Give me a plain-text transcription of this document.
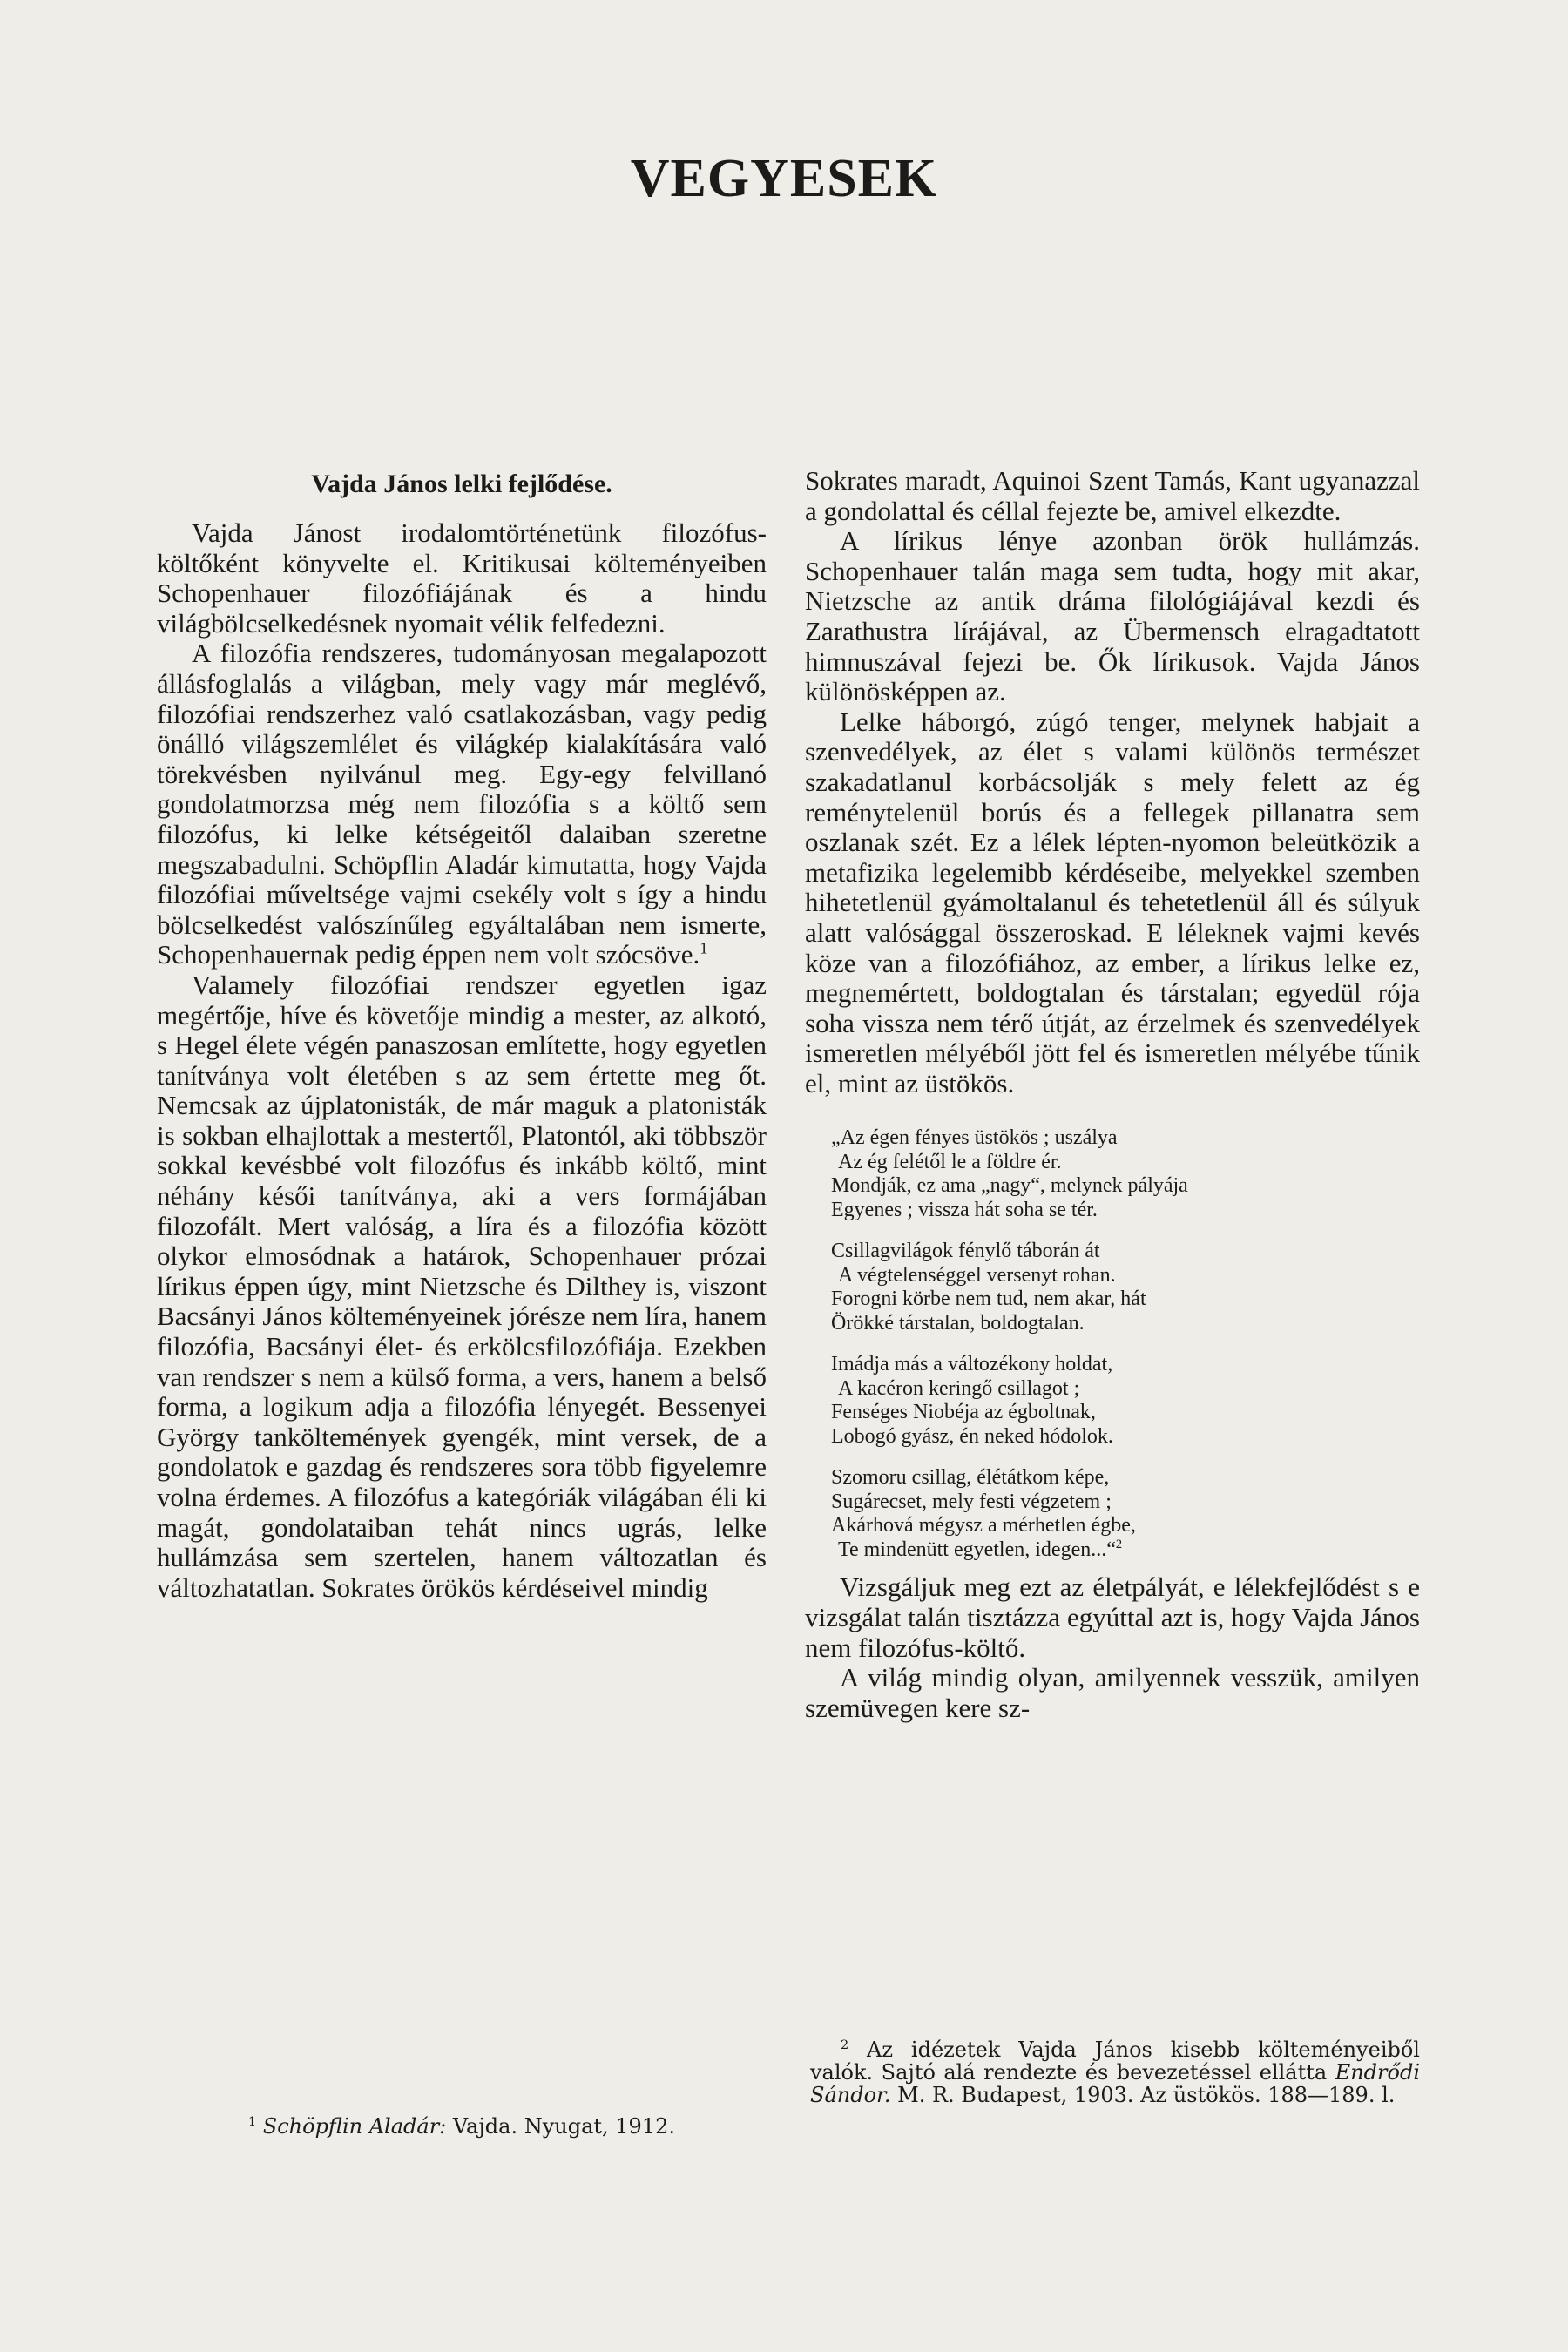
VEGYESEK
Vajda János lelki fejlődése.

Vajda Jánost irodalomtörténetünk filozófus-költőként könyvelte el. Kritikusai költeményeiben Schopenhauer filozófiájának és a hindu világbölcselkedésnek nyomait vélik felfedezni.

A filozófia rendszeres, tudományosan megalapozott állásfoglalás a világban, mely vagy már meglévő, filozófiai rendszerhez való csatlakozásban, vagy pedig önálló világszemlélet és világkép kialakítására való törekvésben nyilvánul meg. Egy-egy felvillanó gondolatmorzsa még nem filozófia s a költő sem filozófus, ki lelke kétségeitől dalaiban szeretne megszabadulni. Schöpflin Aladár kimutatta, hogy Vajda filozófiai műveltsége vajmi csekély volt s így a hindu bölcselkedést valószínűleg egyáltalában nem ismerte, Schopenhauernak pedig éppen nem volt szócsöve.$^1$

Valamely filozófiai rendszer egyetlen igaz megértője, híve és követője mindig a mester, az alkotó, s Hegel élete végén panaszosan említette, hogy egyetlen tanítványa volt életében s az sem értette meg őt. Nemcsak az újplatonisták, de már maguk a platonisták is sokban elhajlottak a mestertől, Platontól, aki többször sokkal kevésbbé volt filozófus és inkább költő, mint néhány késői tanítványa, aki a vers formájában filozofált. Mert valóság, a líra és a filozófia között olykor elmosódnak a határok, Schopenhauer prózai lírikus éppen úgy, mint Nietzsche és Dilthey is, viszont Bacsányi János költeményeinek jórésze nem líra, hanem filozófia, Bacsányi élet- és erkölcsfilozófiája. Ezekben van rendszer s nem a külső forma, a vers, hanem a belső forma, a logikum adja a filozófia lényegét. Bessenyei György tanköltemények gyengék, mint versek, de a gondolatok e gazdag és rendszeres sora több figyelemre volna érdemes. A filozófus a kategóriák világában éli ki magát, gondolataiban tehát nincs ugrás, lelke hullámzása sem szertelen, hanem változatlan és változhatatlan. Sokrates örökös kérdéseivel mindig

$^1$ Schöpflin Aladár: Vajda. Nyugat, 1912.

Sokrates maradt, Aquinoi Szent Tamás, Kant ugyanazzal a gondolattal és céllal fejezte be, amivel elkezdte.

A lírikus lénye azonban örök hullámzás. Schopenhauer talán maga sem tudta, hogy mit akar, Nietzsche az antik dráma filológiájával kezdi és Zarathustra lírájával, az Übermensch elragadtatott himnuszával fejezi be. Ők lírikusok. Vajda János különösképpen az.

Lelke háborgó, zúgó tenger, melynek habjait a szenvedélyek, az élet s valami különös természet szakadatlanul korbácsolják s mely felett az ég reménytelenül borús és a fellegek pillanatra sem oszlanak szét. Ez a lélek lépten-nyomon beleütközik a metafizika legelemibb kérdéseibe, melyekkel szemben hihetetlenül gyámoltalanul és tehetetlenül áll és súlyuk alatt valósággal összeroskad. E léleknek vajmi kevés köze van a filozófiához, az ember, a lírikus lelke ez, megnemértett, boldogtalan és társtalan; egyedül rója soha vissza nem térő útját, az érzelmek és szenvedélyek ismeretlen mélyéből jött fel és ismeretlen mélyébe tűnik el, mint az üstökös.

„Az égen fényes üstökös ; uszálya
Az ég felétől le a földre ér.
Mondják, ez ama „nagy“, melynek pályája
Egyenes ; vissza hát soha se tér.
Csillagvilágok fénylő táborán át
A végtelenséggel versenyt rohan.
Forogni körbe nem tud, nem akar, hát
Örökké társtalan, boldogtalan.
Imádja más a változékony holdat,
A kacéron keringő csillagot ;
Fenséges Niobéja az égboltnak,
Lobogó gyász, én neked hódolok.
Szomoru csillag, élétátkom képe,
Sugárecset, mely festi végzetem ;
Akárhová mégysz a mérhetlen égbe,
Te mindenütt egyetlen, idegen...“$^2$

Vizsgáljuk meg ezt az életpályát, e lélekfejlődést s e vizsgálat talán tisztázza egyúttal azt is, hogy Vajda János nem filozófus-költő.

A világ mindig olyan, amilyennek vesszük, amilyen szemüvegen kere sz-

$^2$ Az idézetek Vajda János kisebb költeményeiből valók. Sajtó alá rendezte és bevezetéssel ellátta Endrődi Sándor. M. R. Budapest, 1903. Az üstökös. 188—189. l.
